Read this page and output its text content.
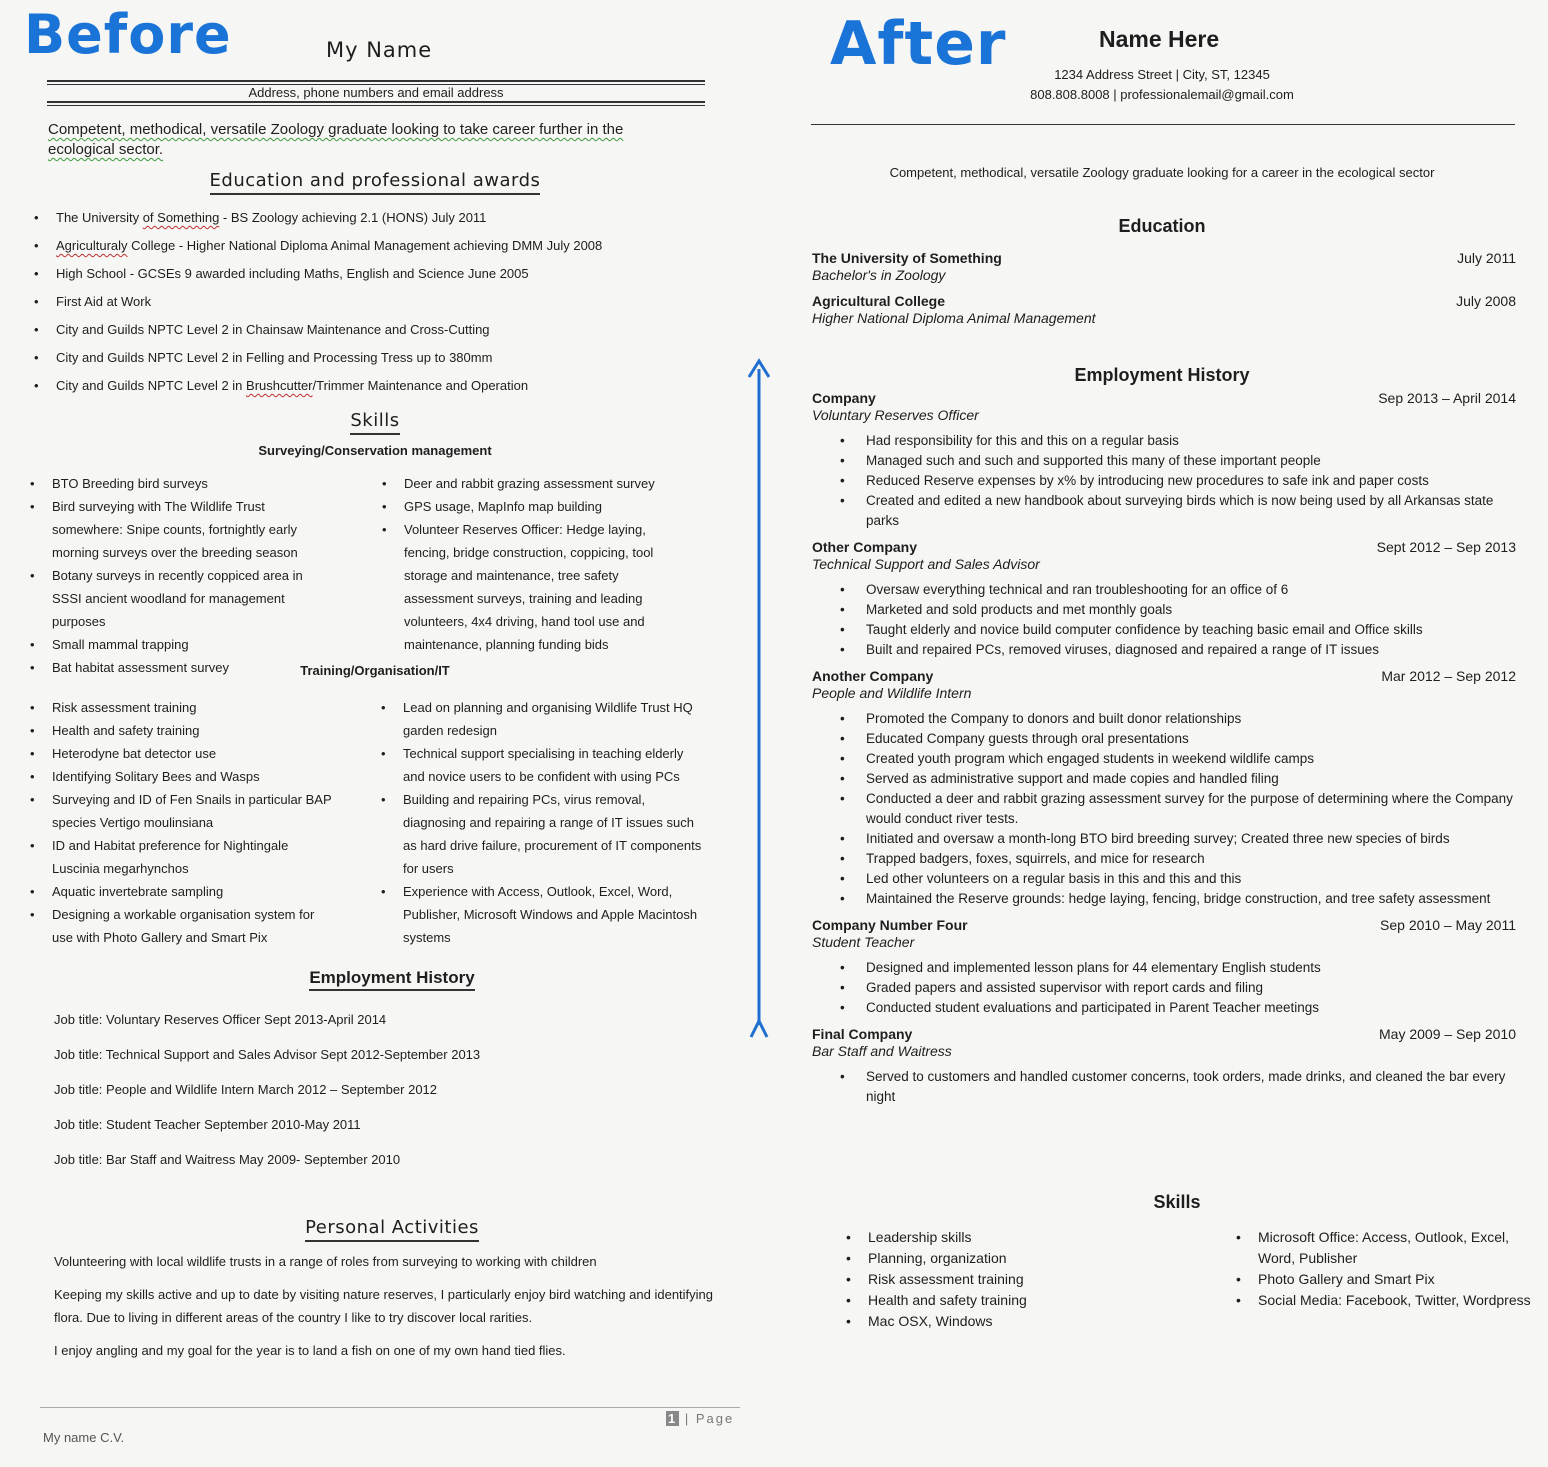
Before	My Name
Address, phone numbers and email address
Competent, methodical, versatile Zoology graduate looking to take career further in the ecological sector.
Education and professional awards
• The University of Something - BS Zoology achieving 2.1 (HONS) July 2011
• Agriculturaly College - Higher National Diploma Animal Management achieving DMM July 2008
• High School - GCSEs 9 awarded including Maths, English and Science June 2005
• First Aid at Work
• City and Guilds NPTC Level 2 in Chainsaw Maintenance and Cross-Cutting
• City and Guilds NPTC Level 2 in Felling and Processing Tress up to 380mm
• City and Guilds NPTC Level 2 in Brushcutter/Trimmer Maintenance and Operation
Skills
Surveying/Conservation management
• BTO Breeding bird surveys
• Bird surveying with The Wildlife Trust somewhere: Snipe counts, fortnightly early morning surveys over the breeding season
• Botany surveys in recently coppiced area in SSSI ancient woodland for management purposes
• Small mammal trapping
• Bat habitat assessment survey
• Deer and rabbit grazing assessment survey
• GPS usage, MapInfo map building
• Volunteer Reserves Officer: Hedge laying, fencing, bridge construction, coppicing, tool storage and maintenance, tree safety assessment surveys, training and leading volunteers, 4x4 driving, hand tool use and maintenance, planning funding bids
Training/Organisation/IT
• Risk assessment training
• Health and safety training
• Heterodyne bat detector use
• Identifying Solitary Bees and Wasps
• Surveying and ID of Fen Snails in particular BAP species Vertigo moulinsiana
• ID and Habitat preference for Nightingale Luscinia megarhynchos
• Aquatic invertebrate sampling
• Designing a workable organisation system for use with Photo Gallery and Smart Pix
• Lead on planning and organising Wildlife Trust HQ garden redesign
• Technical support specialising in teaching elderly and novice users to be confident with using PCs
• Building and repairing PCs, virus removal, diagnosing and repairing a range of IT issues such as hard drive failure, procurement of IT components for users
• Experience with Access, Outlook, Excel, Word, Publisher, Microsoft Windows and Apple Macintosh systems
Employment History
Job title: Voluntary Reserves Officer Sept 2013-April 2014
Job title: Technical Support and Sales Advisor Sept 2012-September 2013
Job title: People and Wildlife Intern March 2012 – September 2012
Job title: Student Teacher September 2010-May 2011
Job title: Bar Staff and Waitress May 2009- September 2010
Personal Activities
Volunteering with local wildlife trusts in a range of roles from surveying to working with children
Keeping my skills active and up to date by visiting nature reserves, I particularly enjoy bird watching and identifying flora. Due to living in different areas of the country I like to try discover local rarities.
I enjoy angling and my goal for the year is to land a fish on one of my own hand tied flies.
1 | Page
My name C.V.
After	Name Here
1234 Address Street | City, ST, 12345
808.808.8008 | professionalemail@gmail.com
Competent, methodical, versatile Zoology graduate looking for a career in the ecological sector
Education
The University of Something	July 2011
Bachelor's in Zoology
Agricultural College	July 2008
Higher National Diploma Animal Management
Employment History
Company	Sep 2013 – April 2014
Voluntary Reserves Officer
• Had responsibility for this and this on a regular basis
• Managed such and such and supported this many of these important people
• Reduced Reserve expenses by x% by introducing new procedures to safe ink and paper costs
• Created and edited a new handbook about surveying birds which is now being used by all Arkansas state parks
Other Company	Sept 2012 – Sep 2013
Technical Support and Sales Advisor
• Oversaw everything technical and ran troubleshooting for an office of 6
• Marketed and sold products and met monthly goals
• Taught elderly and novice build computer confidence by teaching basic email and Office skills
• Built and repaired PCs, removed viruses, diagnosed and repaired a range of IT issues
Another Company	Mar 2012 – Sep 2012
People and Wildlife Intern
• Promoted the Company to donors and built donor relationships
• Educated Company guests through oral presentations
• Created youth program which engaged students in weekend wildlife camps
• Served as administrative support and made copies and handled filing
• Conducted a deer and rabbit grazing assessment survey for the purpose of determining where the Company would conduct river tests.
• Initiated and oversaw a month-long BTO bird breeding survey; Created three new species of birds
• Trapped badgers, foxes, squirrels, and mice for research
• Led other volunteers on a regular basis in this and this and this
• Maintained the Reserve grounds: hedge laying, fencing, bridge construction, and tree safety assessment
Company Number Four	Sep 2010 – May 2011
Student Teacher
• Designed and implemented lesson plans for 44 elementary English students
• Graded papers and assisted supervisor with report cards and filing
• Conducted student evaluations and participated in Parent Teacher meetings
Final Company	May 2009 – Sep 2010
Bar Staff and Waitress
• Served to customers and handled customer concerns, took orders, made drinks, and cleaned the bar every night
Skills
• Leadership skills
• Planning, organization
• Risk assessment training
• Health and safety training
• Mac OSX, Windows
• Microsoft Office: Access, Outlook, Excel, Word, Publisher
• Photo Gallery and Smart Pix
• Social Media: Facebook, Twitter, Wordpress
